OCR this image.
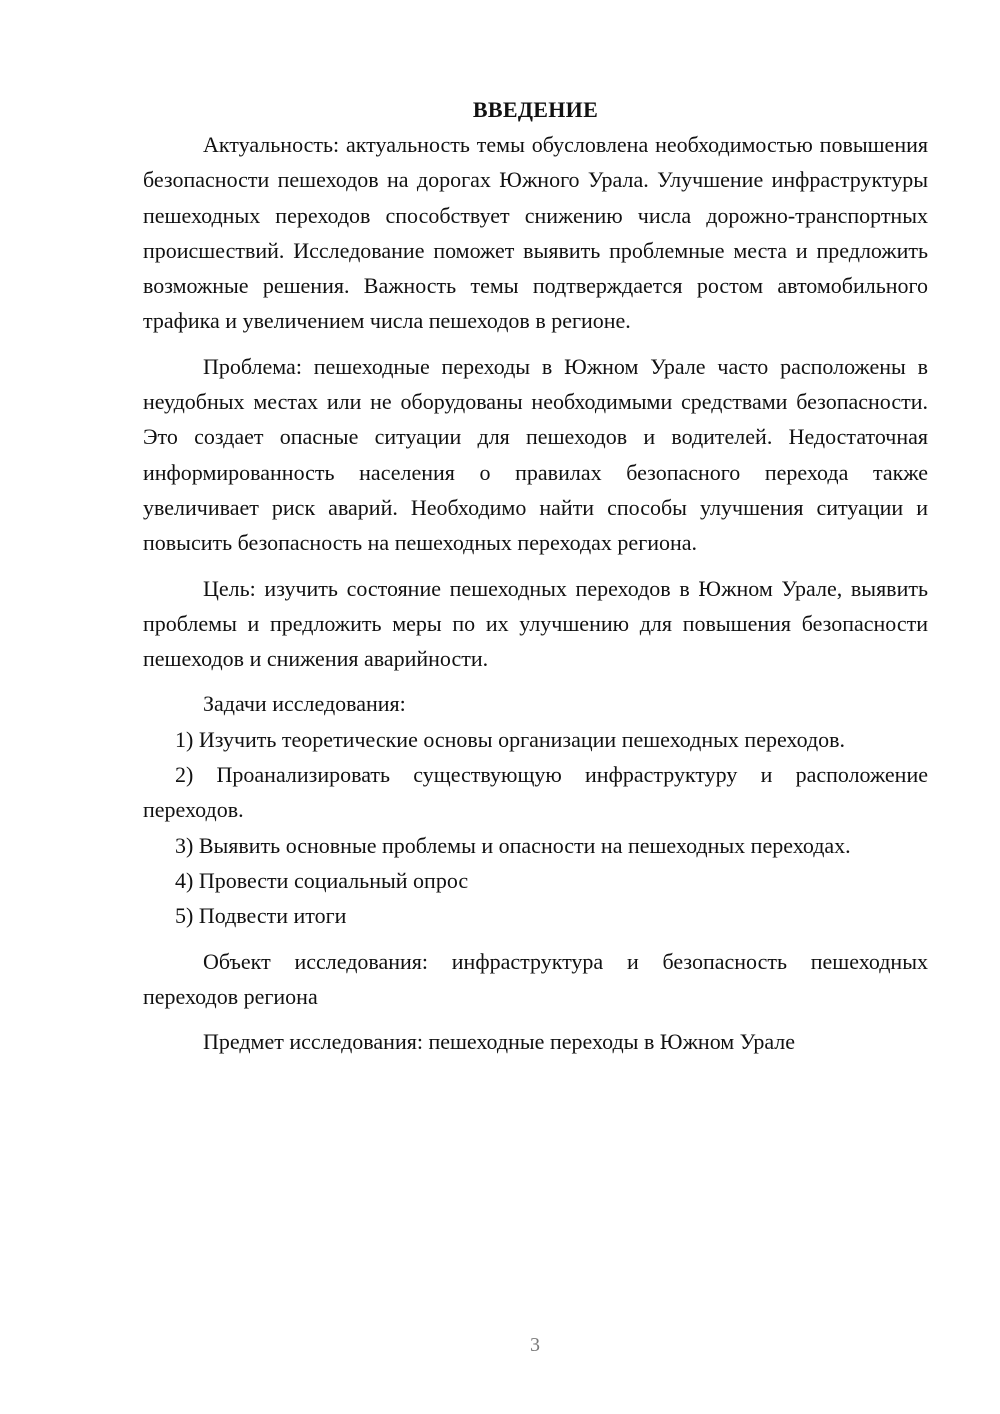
ВВЕДЕНИЕ

Актуальность: актуальность темы обусловлена необходимостью повышения безопасности пешеходов на дорогах Южного Урала. Улучшение инфраструктуры пешеходных переходов способствует снижению числа дорожно-транспортных происшествий. Исследование поможет выявить проблемные места и предложить возможные решения. Важность темы подтверждается ростом автомобильного трафика и увеличением числа пешеходов в регионе.

Проблема: пешеходные переходы в Южном Урале часто расположены в неудобных местах или не оборудованы необходимыми средствами безопасности. Это создает опасные ситуации для пешеходов и водителей. Недостаточная информированность населения о правилах безопасного перехода также увеличивает риск аварий. Необходимо найти способы улучшения ситуации и повысить безопасность на пешеходных переходах региона.

Цель: изучить состояние пешеходных переходов в Южном Урале, выявить проблемы и предложить меры по их улучшению для повышения безопасности пешеходов и снижения аварийности.

Задачи исследования:

1) Изучить теоретические основы организации пешеходных переходов.

2) Проанализировать существующую инфраструктуру и расположение переходов.

3) Выявить основные проблемы и опасности на пешеходных переходах.

4) Провести социальный опрос

5) Подвести итоги

Объект исследования: инфраструктура и безопасность пешеходных переходов региона

Предмет исследования: пешеходные переходы в Южном Урале

3
